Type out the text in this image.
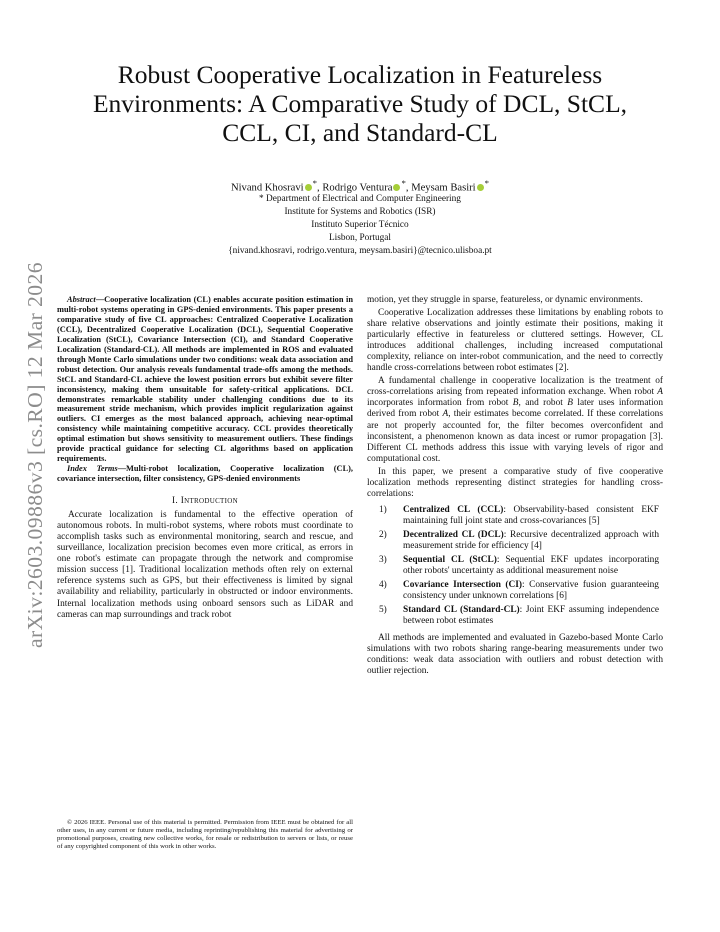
arXiv:2603.09886v3 [cs.RO] 12 Mar 2026
Robust Cooperative Localization in Featureless
Environments: A Comparative Study of DCL, StCL,
CCL, CI, and Standard-CL
Nivand Khosravi *, Rodrigo Ventura *, Meysam Basiri *
* Department of Electrical and Computer Engineering
Institute for Systems and Robotics (ISR)
Instituto Superior Técnico
Lisbon, Portugal
{nivand.khosravi, rodrigo.ventura, meysam.basiri}@tecnico.ulisboa.pt

Abstract—Cooperative localization (CL) enables accurate position estimation in multi-robot systems operating in GPS-denied environments. This paper presents a comparative study of five CL approaches: Centralized Cooperative Localization (CCL), Decentralized Cooperative Localization (DCL), Sequential Cooperative Localization (StCL), Covariance Intersection (CI), and Standard Cooperative Localization (Standard-CL). All methods are implemented in ROS and evaluated through Monte Carlo simulations under two conditions: weak data association and robust detection. Our analysis reveals fundamental trade-offs among the methods. StCL and Standard-CL achieve the lowest position errors but exhibit severe filter inconsistency, making them unsuitable for safety-critical applications. DCL demonstrates remarkable stability under challenging conditions due to its measurement stride mechanism, which provides implicit regularization against outliers. CI emerges as the most balanced approach, achieving near-optimal consistency while maintaining competitive accuracy. CCL provides theoretically optimal estimation but shows sensitivity to measurement outliers. These findings provide practical guidance for selecting CL algorithms based on application requirements.

Index Terms—Multi-robot localization, Cooperative localization (CL), covariance intersection, filter consistency, GPS-denied environments

I. Introduction

Accurate localization is fundamental to the effective operation of autonomous robots. In multi-robot systems, where robots must coordinate to accomplish tasks such as environmental monitoring, search and rescue, and surveillance, localization precision becomes even more critical, as errors in one robot's estimate can propagate through the network and compromise mission success [1]. Traditional localization methods often rely on external reference systems such as GPS, but their effectiveness is limited by signal availability and reliability, particularly in obstructed or indoor environments. Internal localization methods using onboard sensors such as LiDAR and cameras can map surroundings and track robot

© 2026 IEEE. Personal use of this material is permitted. Permission from IEEE must be obtained for all other uses, in any current or future media, including reprinting/republishing this material for advertising or promotional purposes, creating new collective works, for resale or redistribution to servers or lists, or reuse of any copyrighted component of this work in other works.

motion, yet they struggle in sparse, featureless, or dynamic environments.

Cooperative Localization addresses these limitations by enabling robots to share relative observations and jointly estimate their positions, making it particularly effective in featureless or cluttered settings. However, CL introduces additional challenges, including increased computational complexity, reliance on inter-robot communication, and the need to correctly handle cross-correlations between robot estimates [2].

A fundamental challenge in cooperative localization is the treatment of cross-correlations arising from repeated information exchange. When robot A incorporates information from robot B, and robot B later uses information derived from robot A, their estimates become correlated. If these correlations are not properly accounted for, the filter becomes overconfident and inconsistent, a phenomenon known as data incest or rumor propagation [3]. Different CL methods address this issue with varying levels of rigor and computational cost.

In this paper, we present a comparative study of five cooperative localization methods representing distinct strategies for handling cross-correlations:

1) Centralized CL (CCL): Observability-based consistent EKF maintaining full joint state and cross-covariances [5]
2) Decentralized CL (DCL): Recursive decentralized approach with measurement stride for efficiency [4]
3) Sequential CL (StCL): Sequential EKF updates incorporating other robots' uncertainty as additional measurement noise
4) Covariance Intersection (CI): Conservative fusion guaranteeing consistency under unknown correlations [6]
5) Standard CL (Standard-CL): Joint EKF assuming independence between robot estimates

All methods are implemented and evaluated in Gazebo-based Monte Carlo simulations with two robots sharing range-bearing measurements under two conditions: weak data association with outliers and robust detection with outlier rejection.
